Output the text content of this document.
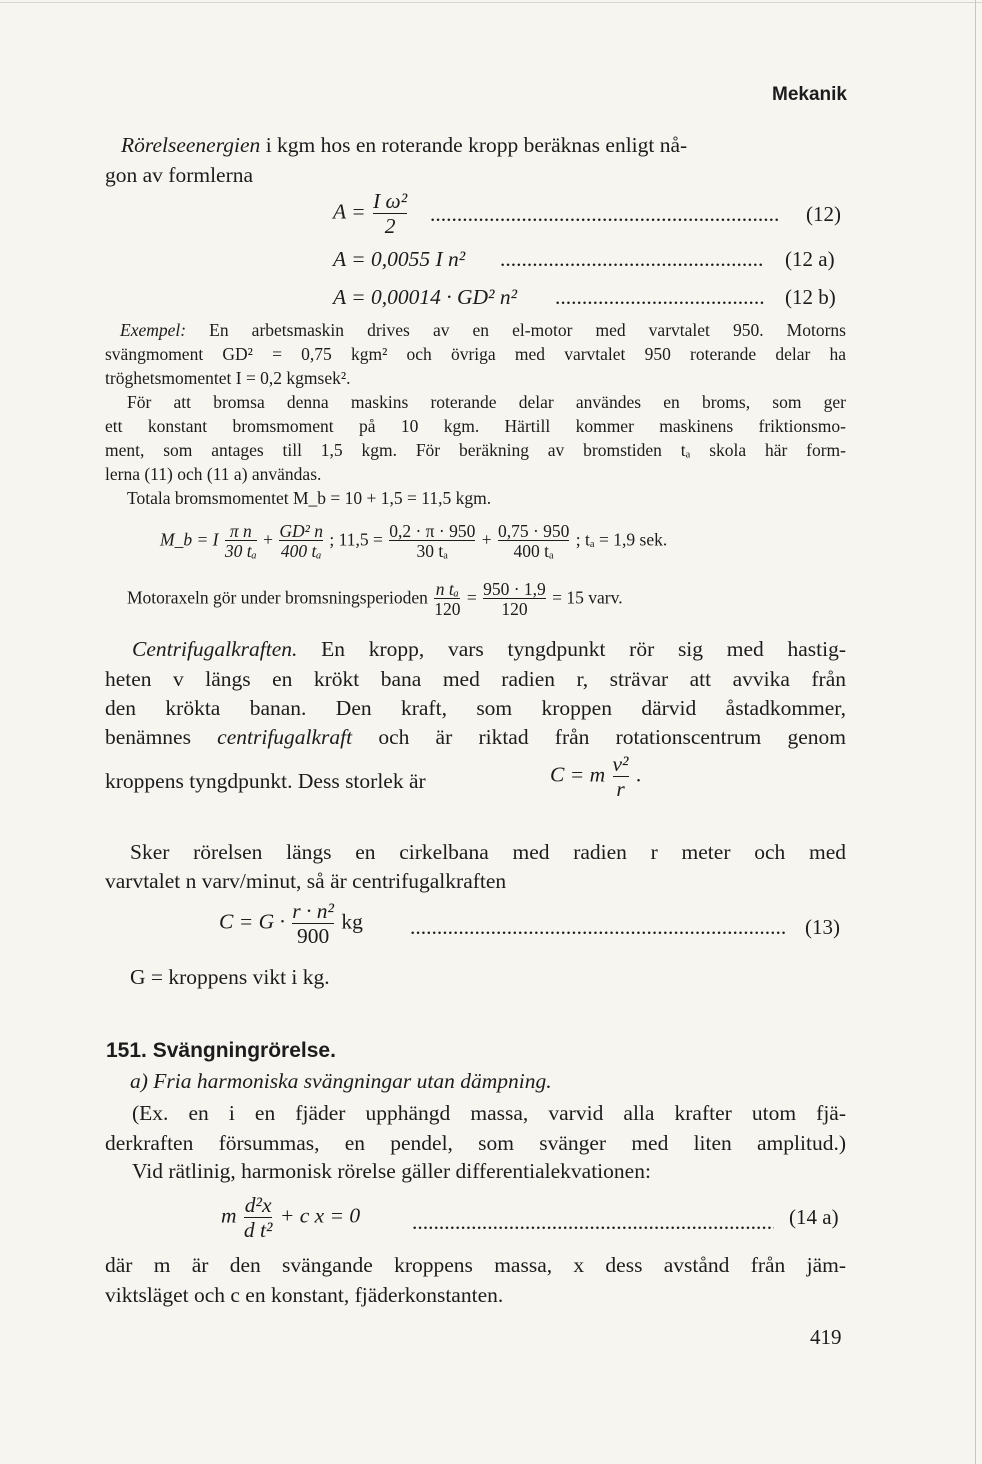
Mekanik
Rörelseenergien i kgm hos en roterande kropp beräknas enligt nå-
gon av formlerna
$A = \frac{\text{I ω²}}{2}$ .....	(12)
A = 0,0055 I n² .....	(12 a)
A = 0,00014 · GD² n² .....	(12 b)
Exempel: En arbetsmaskin drives av en el-motor med varvtalet 950. Motorns
svängmoment GD² = 0,75 kgm² och övriga med varvtalet 950 roterande delar ha
tröghetsmomentet I = 0,2 kgmsek².
För att bromsa denna maskins roterande delar användes en broms, som ger
ett konstant bromsmoment på 10 kgm. Härtill kommer maskinens friktionsmo-
ment, som antages till 1,5 kgm. För beräkning av bromstiden tₐ skola här form-
lerna (11) och (11 a) användas.
Totala bromsmomentet M_b = 10 + 1,5 = 11,5 kgm.
M_b = I $\frac{\text{π n}}{\text{30 tₐ}} + \frac{\text{GD² n}}{\text{400 tₐ}}$ ; $11,5 = \frac{0,2 \cdot \pi \cdot 950}{\text{30 tₐ}} + \frac{0,75 \cdot 950}{\text{400 tₐ}}$ ; tₐ = 1,9 sek.
Motoraxeln gör under bromsningsperioden $\frac{\text{n tₐ}}{120} = \frac{950 \cdot 1,9}{120} = 15$ varv.
Centrifugalkraften. En kropp, vars tyngdpunkt rör sig med hastig-
heten v längs en krökt bana med radien r, strävar att avvika från
den krökta banan. Den kraft, som kroppen därvid åstadkommer,
benämnes centrifugalkraft och är riktad från rotationscentrum genom
kroppens tyngdpunkt. Dess storlek är	C = m $\frac{\text{v²}}{r}$ .
Sker rörelsen längs en cirkelbana med radien r meter och med
varvtalet n varv/minut, så är centrifugalkraften
$C = G \cdot \frac{\text{r · n²}}{900}$ kg .....	(13)
G = kroppens vikt i kg.
151. Svängningrörelse.
a) Fria harmoniska svängningar utan dämpning.
(Ex. en i en fjäder upphängd massa, varvid alla krafter utom fjä-
derkraften försummas, en pendel, som svänger med liten amplitud.)
Vid rätlinig, harmonisk rörelse gäller differentialekvationen:
m $\frac{\text{d²x}}{\text{d t²}} + c$ x = 0 .....	(14 a)
där m är den svängande kroppens massa, x dess avstånd från jäm-
viktsläget och c en konstant, fjäderkonstanten.
419
